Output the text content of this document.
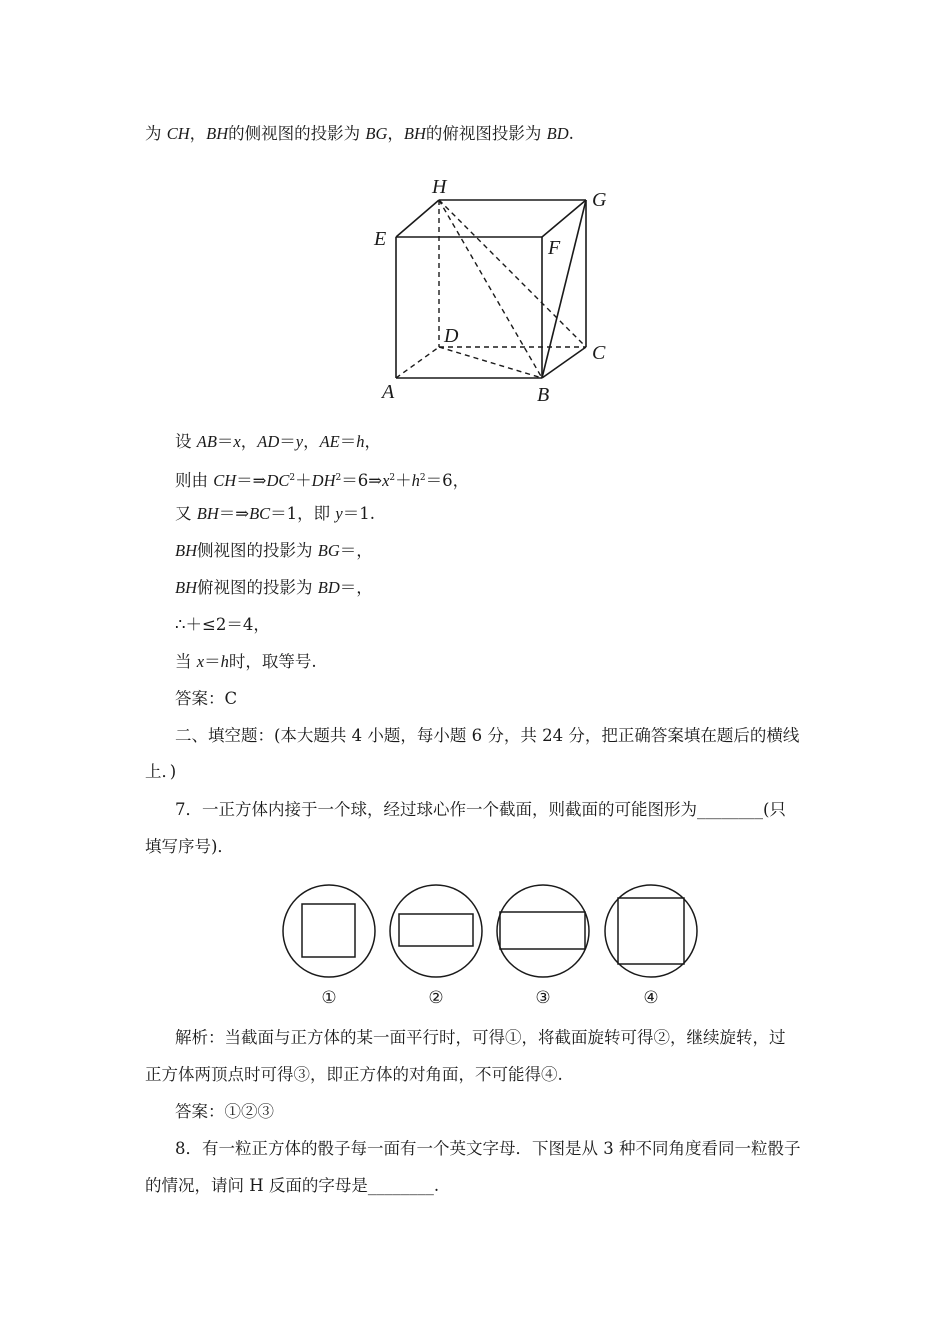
为 CH，BH的侧视图的投影为 BG，BH的俯视图投影为 BD.
H
G
E	F
D
C
A	B
设 AB＝x，AD＝y，AE＝h，
则由 $CH=\Rightarrow DC^2+DH^2=6\Rightarrow x^2+h^2=6$，
又 BH＝⇒BC＝1，即 y＝1.
BH侧视图的投影为 BG＝，
BH俯视图的投影为 BD＝，
∴＋≤2＝4，
当 x＝h时，取等号.
答案：C
二、填空题：(本大题共 4 小题，每小题 6 分，共 24 分，把正确答案填在题后的横线
上．)
7．一正方体内接于一个球，经过球心作一个截面，则截面的可能图形为________(只
填写序号)．
①	②	③	④
解析：当截面与正方体的某一面平行时，可得①，将截面旋转可得②，继续旋转，过
正方体两顶点时可得③，即正方体的对角面，不可能得④.
答案：①②③
8．有一粒正方体的骰子每一面有一个英文字母．下图是从 3 种不同角度看同一粒骰子
的情况，请问 H 反面的字母是________.
